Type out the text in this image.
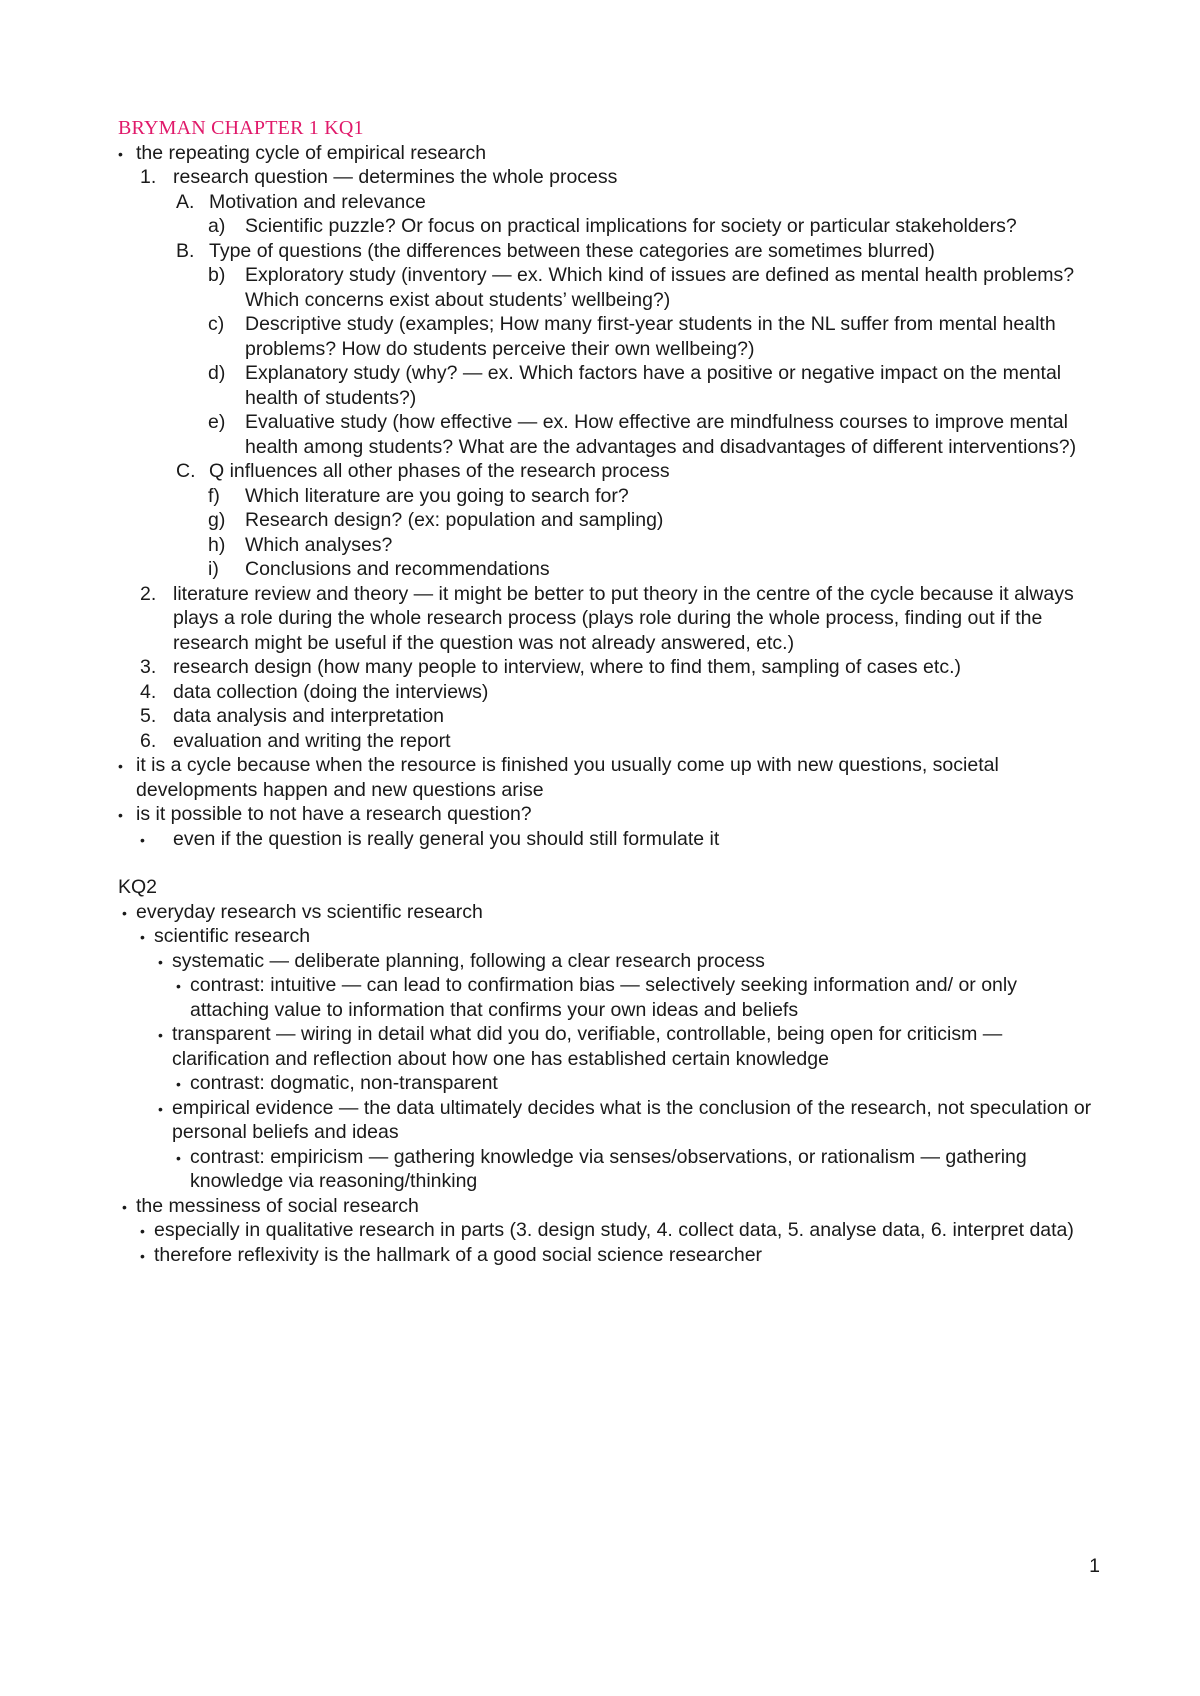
BRYMAN CHAPTER 1 KQ1
• the repeating cycle of empirical research
1. research question — determines the whole process
A. Motivation and relevance
a) Scientific puzzle? Or focus on practical implications for society or particular stakeholders?
B. Type of questions (the differences between these categories are sometimes blurred)
b) Exploratory study (inventory — ex. Which kind of issues are defined as mental health problems? Which concerns exist about students’ wellbeing?)
c) Descriptive study (examples; How many first-year students in the NL suffer from mental health problems? How do students perceive their own wellbeing?)
d) Explanatory study (why? — ex. Which factors have a positive or negative impact on the mental health of students?)
e) Evaluative study (how effective — ex. How effective are mindfulness courses to improve mental health among students? What are the advantages and disadvantages of different interventions?)
C. Q influences all other phases of the research process
f) Which literature are you going to search for?
g) Research design? (ex: population and sampling)
h) Which analyses?
i) Conclusions and recommendations
2. literature review and theory — it might be better to put theory in the centre of the cycle because it always plays a role during the whole research process (plays role during the whole process, finding out if the research might be useful if the question was not already answered, etc.)
3. research design (how many people to interview, where to find them, sampling of cases etc.)
4. data collection (doing the interviews)
5. data analysis and interpretation
6. evaluation and writing the report
• it is a cycle because when the resource is finished you usually come up with new questions, societal developments happen and new questions arise
• is it possible to not have a research question?
• even if the question is really general you should still formulate it
KQ2
• everyday research vs scientific research
• scientific research
• systematic — deliberate planning, following a clear research process
• contrast: intuitive — can lead to confirmation bias — selectively seeking information and/ or only attaching value to information that confirms your own ideas and beliefs
• transparent — wiring in detail what did you do, verifiable, controllable, being open for criticism — clarification and reflection about how one has established certain knowledge
• contrast: dogmatic, non-transparent
• empirical evidence — the data ultimately decides what is the conclusion of the research, not speculation or personal beliefs and ideas
• contrast: empiricism — gathering knowledge via senses/observations, or rationalism — gathering knowledge via reasoning/thinking
• the messiness of social research
• especially in qualitative research in parts (3. design study, 4. collect data, 5. analyse data, 6. interpret data)
• therefore reflexivity is the hallmark of a good social science researcher
1
